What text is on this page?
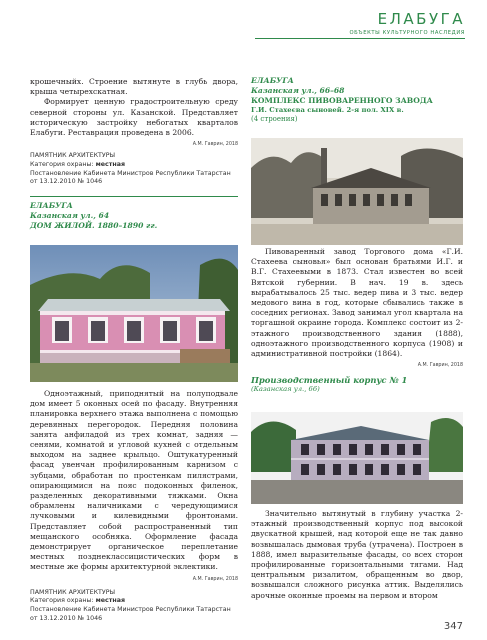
ЕЛАБУГА
ОБЪЕКТЫ КУЛЬТУРНОГО НАСЛЕДИЯ

крошечныйх. Строение вытянуте в глубь двора, крыша четырехскатная.

Формирует ценную градостроительную среду северной стороны ул. Казанской. Представляет историческую застройку небогатых кварталов Елабуги. Реставрация проведена в 2006.

А.М. Гаврин, 2018
ПАМЯТНИК АРХИТЕКТУРЫ
Категория охраны: местная
Постановление Кабинета Министров Республики Татарстан
от 13.12.2010 № 1046
ЕЛАБУГА
Казанская ул., 64
ДОМ ЖИЛОЙ. 1880–1890 гг.

Одноэтажный, приподнятый на полуподвале дом имеет 5 оконных осей по фасаду. Внутренняя планировка верхнего этажа выполнена с помощью деревянных перегородок. Передняя половина занята анфиладой из трех комнат, задняя — сенями, комнатой и угловой кухней с отдельным выходом на заднее крыльцо. Оштукатуренный фасад увенчан профилированным карнизом с зубцами, обработан по простенкам пилястрами, опирающимися на пояс подоконных филенок, разделенных декоративными тяжками. Окна обрамлены наличниками с чередующимися лучковыми и килевидными фронтонами. Представляет собой распространенный тип мещанского особняка. Оформление фасада демонстрирует органическое переплетание местных позднеклассицистических форм в местные же формы архитектурной эклектики.

А.М. Гаврин, 2018
ПАМЯТНИК АРХИТЕКТУРЫ
Категория охраны: местная
Постановление Кабинета Министров Республики Татарстан
от 13.12.2010 № 1046
ЕЛАБУГА
Казанская ул., 66–68
КОМПЛЕКС ПИВОВАРЕННОГО ЗАВОДА
Г.И. Стахеєва сыновей. 2-я пол. XIX в.
(4 строения)

Пивоваренный завод Торгового дома «Г.И. Стахеева сыновья» был основан братьями И.Г. и В.Г. Стахеевыми в 1873. Стал известен во всей Вятской губернии. В нач. 19 в. здесь вырабатывалось 25 тыс. ведер пива и 3 тыс. ведер медового вина в год, которые сбывались также в соседних регионах. Завод занимал угол квартала на торгашной окраине города. Комплекс состоит из 2-этажного производственного здания (1888), одноэтажного производственного корпуса (1908) и административной постройки (1864).

А.М. Гаврин, 2018
Производственный корпус № 1
(Казанская ул., 66)

Значительно вытянутый в глубину участка 2-этажный производственный корпус под высокой двускатной крышей, над которой еще не так давно возвышалась дымовая труба (утрачена). Построен в 1888, имел выразительные фасады, со всех сторон профилированные горизонтальными тягами. Над центральным ризалитом, обращенным во двор, возвышался сложного рисунка аттик. Выделялись арочные оконные проемы на первом и втором

347
